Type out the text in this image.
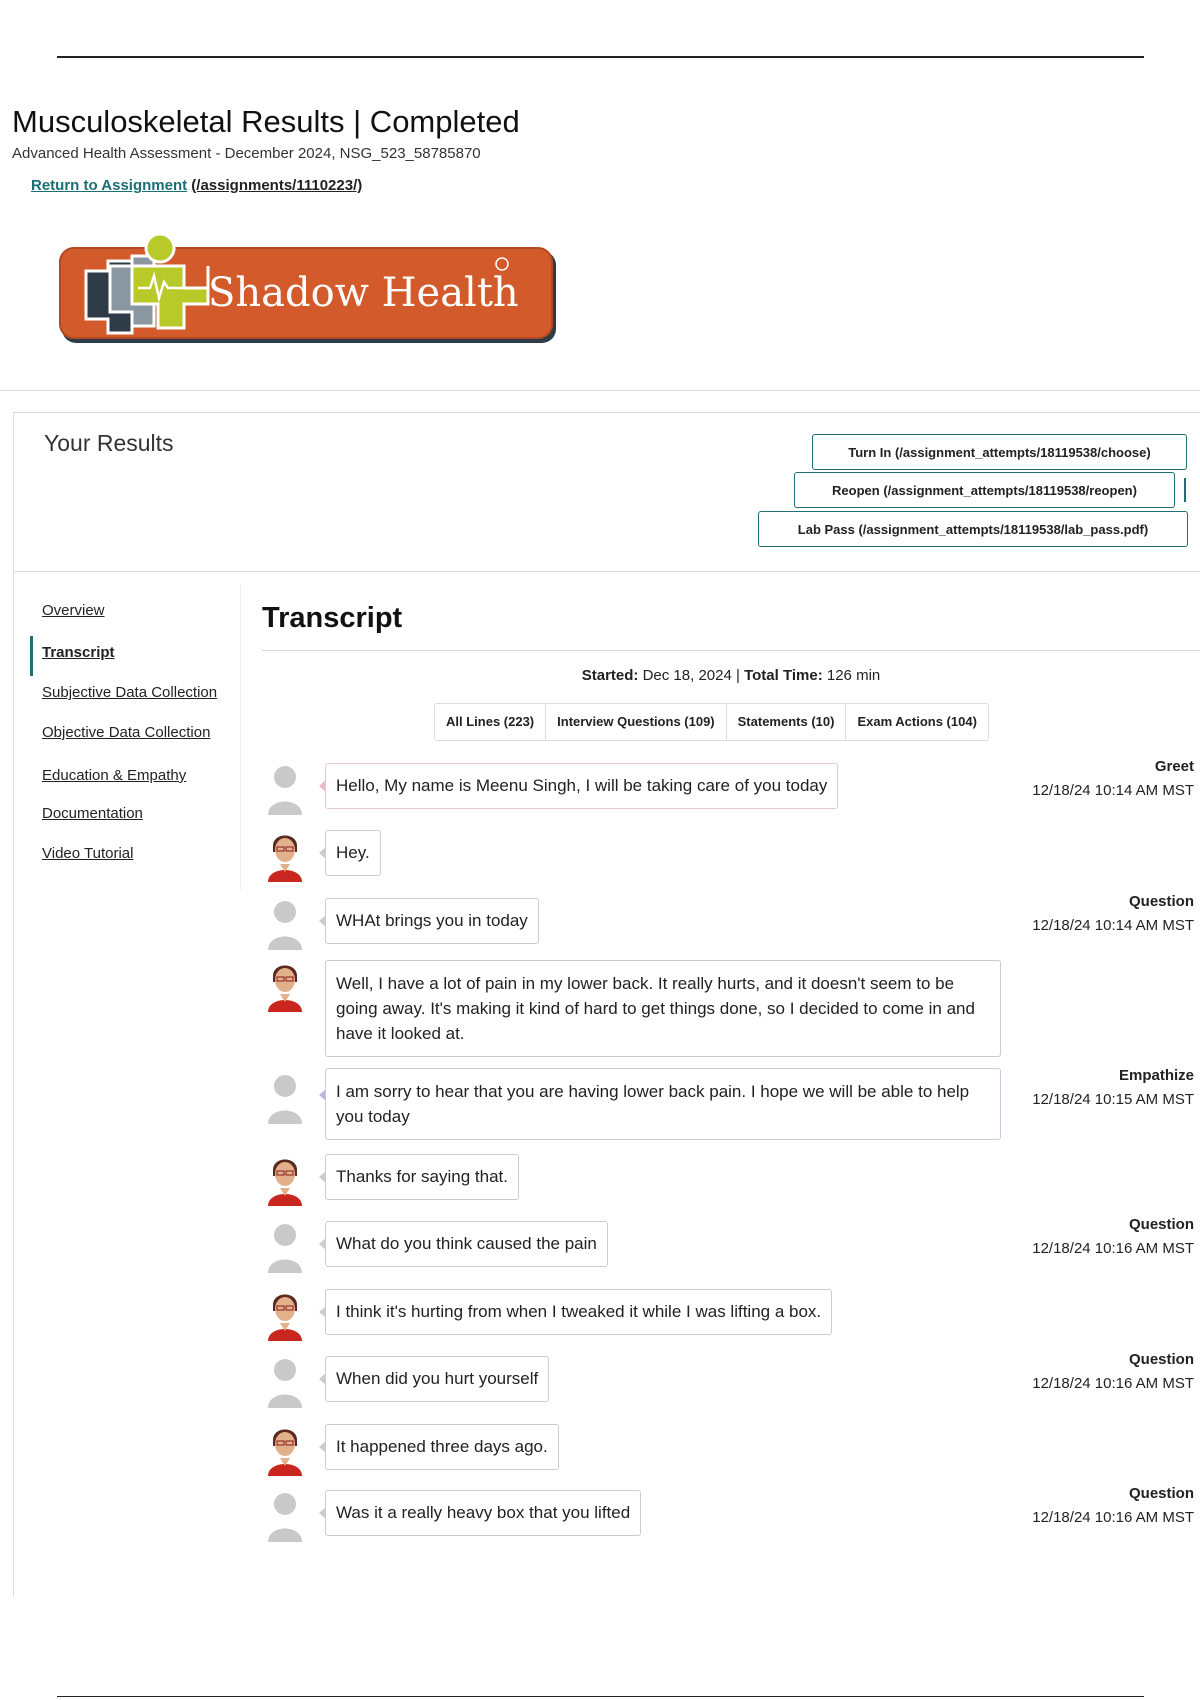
Musculoskeletal Results | Completed
Advanced Health Assessment - December 2024, NSG_523_58785870
Return to Assignment (/assignments/1110223/)
Shadow Health
Your Results	Turn In (/assignment_attempts/18119538/choose)
Reopen (/assignment_attempts/18119538/reopen)
Lab Pass (/assignment_attempts/18119538/lab_pass.pdf)
Overview
Transcript
Subjective Data Collection
Objective Data Collection
Education & Empathy
Documentation
Video Tutorial
Transcript
Started: Dec 18, 2024 | Total Time: 126 min
All Lines (223)	Interview Questions (109)	Statements (10)	Exam Actions (104)
Hello, My name is Meenu Singh, I will be taking care of you today
Greet
12/18/24 10:14 AM MST
Hey.
WHAt brings you in today
Question
12/18/24 10:14 AM MST
Well, I have a lot of pain in my lower back. It really hurts, and it doesn't seem to be going away. It's making it kind of hard to get things done, so I decided to come in and have it looked at.
I am sorry to hear that you are having lower back pain. I hope we will be able to help you today
Empathize
12/18/24 10:15 AM MST
Thanks for saying that.
What do you think caused the pain
Question
12/18/24 10:16 AM MST
I think it's hurting from when I tweaked it while I was lifting a box.
When did you hurt yourself
Question
12/18/24 10:16 AM MST
It happened three days ago.
Was it a really heavy box that you lifted
Question
12/18/24 10:16 AM MST
